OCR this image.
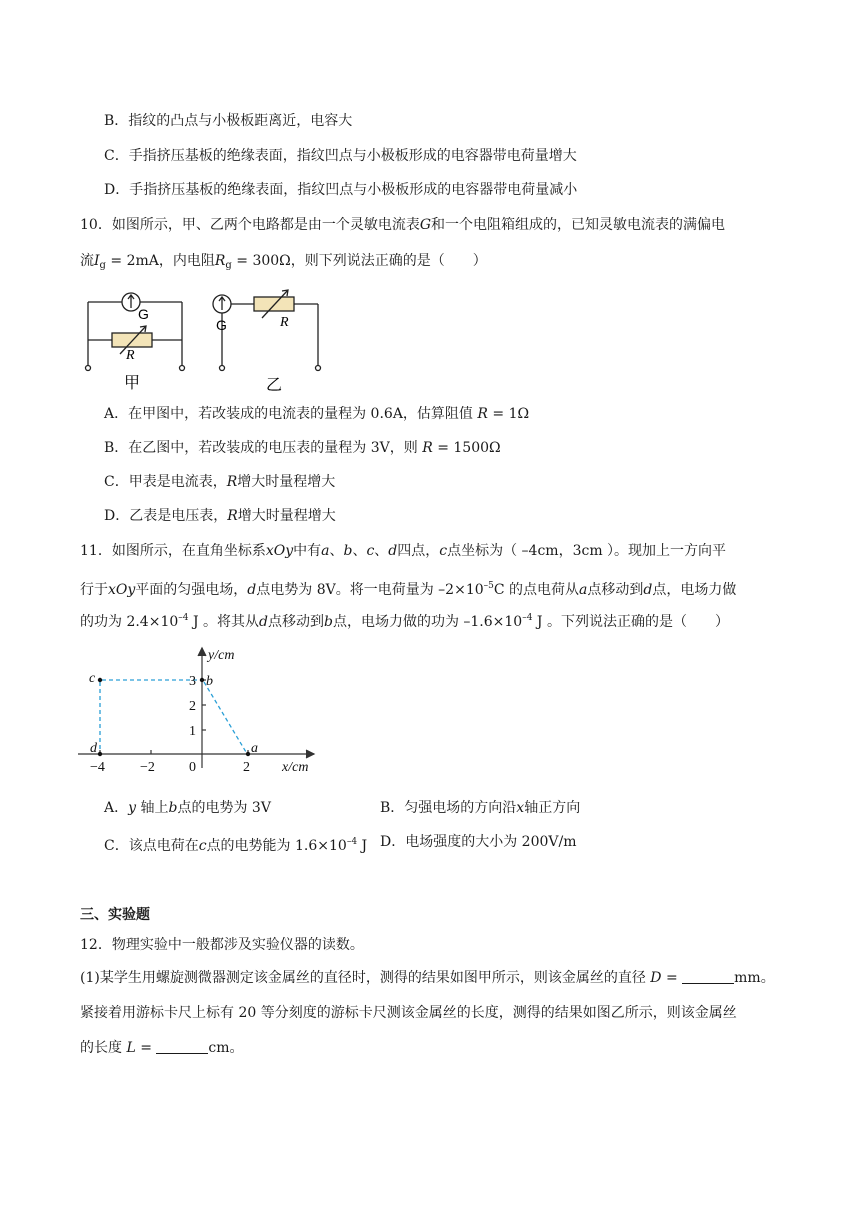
B．指纹的凸点与小极板距离近，电容大
C．手指挤压基板的绝缘表面，指纹凹点与小极板形成的电容器带电荷量增大
D．手指挤压基板的绝缘表面，指纹凹点与小极板形成的电容器带电荷量减小
10．如图所示，甲、乙两个电路都是由一个灵敏电流表G和一个电阻箱组成的，已知灵敏电流表的满偏电
流$I_g = 2mA$，内电阻$R_g = 300\Omega$，则下列说法正确的是（　　）
G
R
甲
G	R
乙
A．在甲图中，若改装成的电流表的量程为 0.6A，估算阻值 R = 1Ω
B．在乙图中，若改装成的电压表的量程为 3V，则 R = 1500Ω
C．甲表是电流表，R增大时量程增大
D．乙表是电压表，R增大时量程增大
11．如图所示，在直角坐标系xOy中有a、b、c、d四点，c点坐标为（ –4cm，3cm ）。现加上一方向平
行于xOy平面的匀强电场，d点电势为 8V。将一电荷量为 $-2\times 10^{-5}C$ 的点电荷从a点移动到d点，电场力做
的功为 $2.4\times 10^{-4}$ J 。将其从d点移动到b点，电场力做的功为 $-1.6\times 10^{-4}$ J 。下列说法正确的是（　　）
y/cm
x/cm
c	b
d	a
3
2
1
0
−4	−2	2
A．y 轴上b点的电势为 3V	B．匀强电场的方向沿x轴正方向
C．该点电荷在c点的电势能为 $1.6\times 10^{-4}$ J D．电场强度的大小为 200V/m
三、实验题
12．物理实验中一般都涉及实验仪器的读数。
(1)某学生用螺旋测微器测定该金属丝的直径时，测得的结果如图甲所示，则该金属丝的直径 D =	mm。
紧接着用游标卡尺上标有 20 等分刻度的游标卡尺测该金属丝的长度，测得的结果如图乙所示，则该金属丝
的长度 L =	cm。
